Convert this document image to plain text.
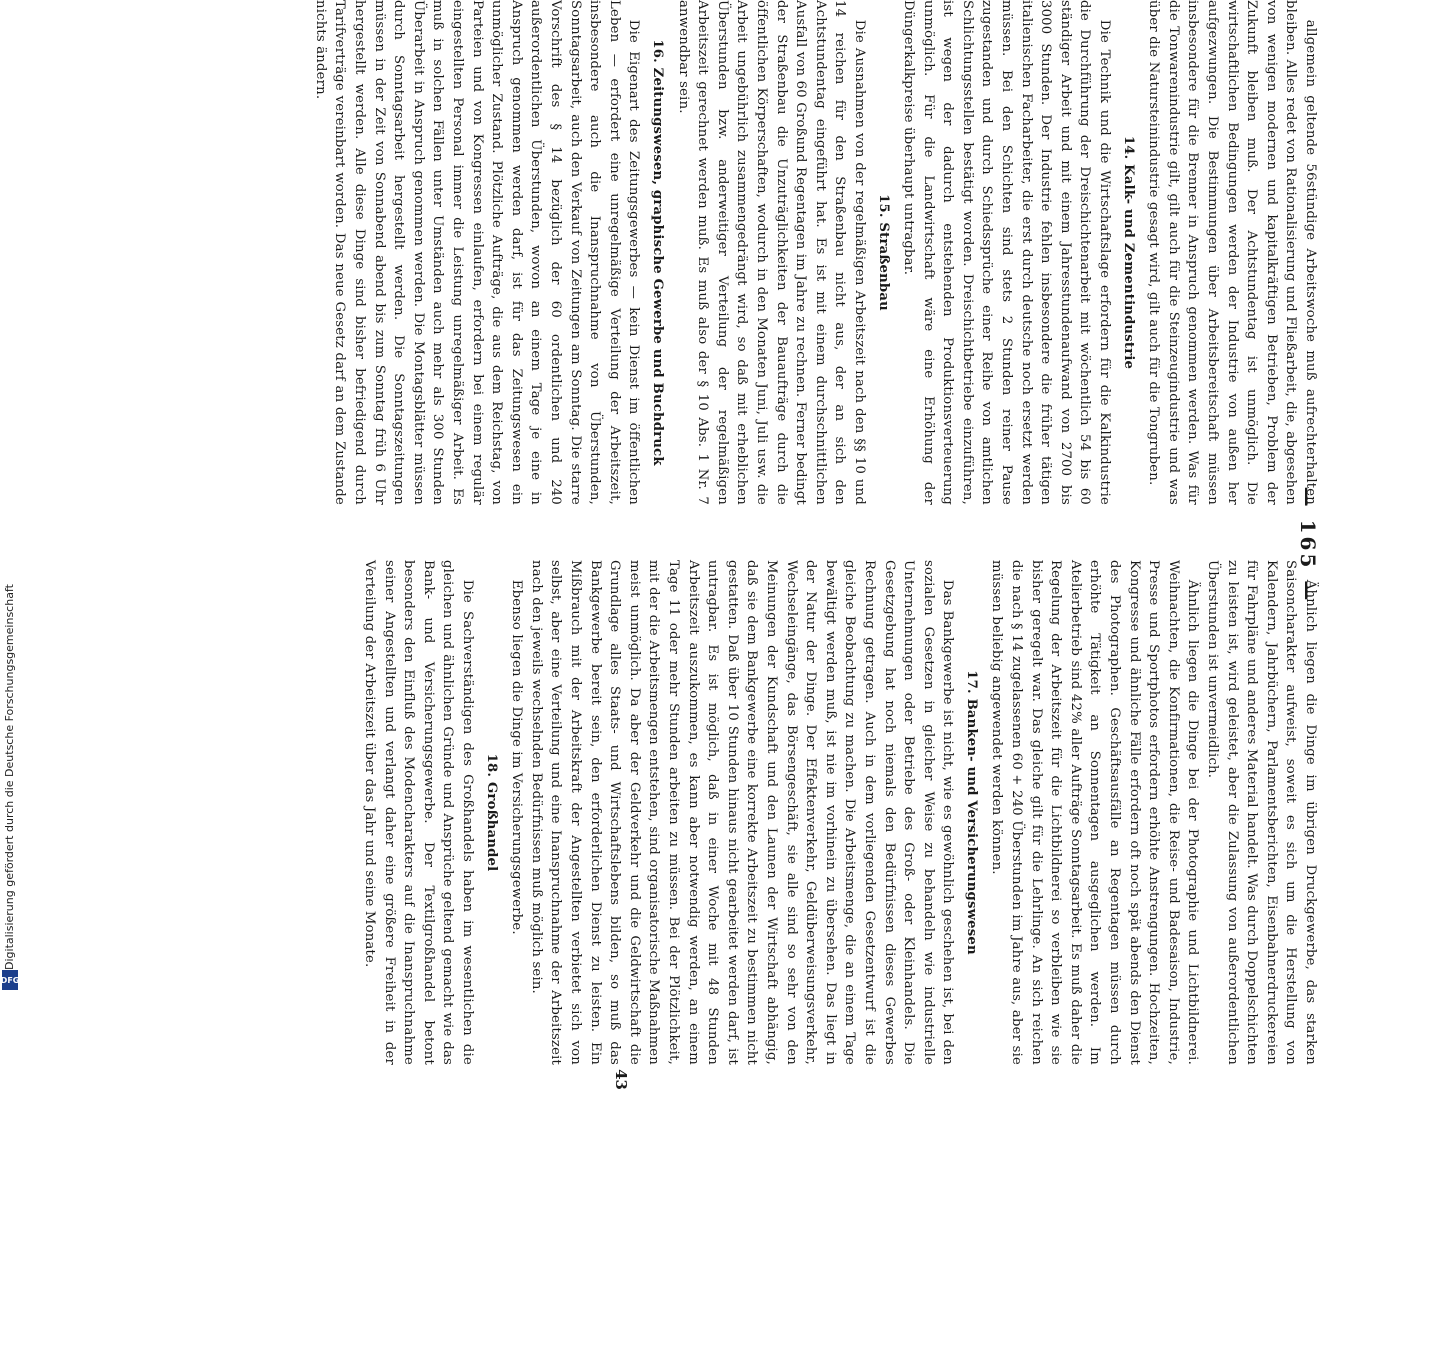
— 165 —

allgemein geltende 56stündige Arbeitswoche muß aufrechterhalten bleiben. Alles redet von Rationalisierung und Fließarbeit, die, abgesehen von wenigen modernen und kapitalkräftigen Betrieben, Problem der Zukunft bleiben muß. Der Achtstundentag ist unmöglich. Die wirtschaftlichen Bedingungen werden der Industrie von außen her aufgezwungen. Die Bestimmungen über Arbeitsbereitschaft müssen insbesondere für die Brenner in Anspruch genommen werden. Was für die Tonwarenindustrie gilt, gilt auch für die Steinzeugindustrie und was über die Natursteinindustrie gesagt wird, gilt auch für die Tongruben.

14. Kalk- und Zementindustrie

Die Technik und die Wirtschaftslage erfordern für die Kalkindustrie die Durchführung der Dreischichtenarbeit mit wöchentlich 54 bis 60 ständiger Arbeit und mit einem Jahresstundenaufwand von 2700 bis 3000 Stunden. Der Industrie fehlen insbesondere die früher tätigen italienischen Facharbeiter, die erst durch deutsche noch ersetzt werden müssen. Bei den Schichten sind stets 2 Stunden reiner Pause zugestanden und durch Schiedssprüche einer Reihe von amtlichen Schlichtungsstellen bestätigt worden. Dreischichtbetriebe einzuführen, ist wegen der dadurch entstehenden Produktionsverteuerung unmöglich. Für die Landwirtschaft wäre eine Erhöhung der Düngerkalkpreise überhaupt untragbar.

15. Straßenbau

Die Ausnahmen von der regelmäßigen Arbeitszeit nach den §§ 10 und 14 reichen für den Straßenbau nicht aus, der an sich den Achtstundentag eingeführt hat. Es ist mit einem durchschnittlichen Ausfall von 60 Großund Regentagen im Jahre zu rechnen. Ferner bedingt der Straßenbau die Unzuträglichkeiten der Bauaufträge durch die öffentlichen Körperschaften, wodurch in den Monaten Juni, Juli usw. die Arbeit ungebührlich zusammengedrängt wird, so daß mit erheblichen Überstunden bzw. anderweitiger Verteilung der regelmäßigen Arbeitszeit gerechnet werden muß. Es muß also der § 10 Abs. 1 Nr. 7 anwendbar sein.

16. Zeitungswesen, graphische Gewerbe und Buchdruck

Die Eigenart des Zeitungsgewerbes — kein Dienst im öffentlichen Leben — erfordert eine unregelmäßige Verteilung der Arbeitszeit, insbesondere auch die Inanspruchnahme von Überstunden, Sonntagsarbeit, auch den Verkauf von Zeitungen am Sonntag. Die starre Vorschrift des § 14 bezüglich der 60 ordentlichen und 240 außerordentlichen Überstunden, wovon an einem Tage je eine in Anspruch genommen werden darf, ist für das Zeitungswesen ein unmöglicher Zustand. Plötzliche Aufträge, die aus dem Reichstag, von Parteien und von Kongressen einlaufen, erfordern bei einem regulär eingestellten Personal immer die Leistung unregelmäßiger Arbeit. Es muß in solchen Fällen unter Umständen auch mehr als 300 Stunden Überarbeit in Anspruch genommen werden. Die Montagsblätter müssen durch Sonntagsarbeit hergestellt werden. Die Sonntagszeitungen müssen in der Zeit von Sonnabend abend bis zum Sonntag früh 6 Uhr hergestellt werden. Alle diese Dinge sind bisher befriedigend durch Tarifverträge vereinbart worden. Das neue Gesetz darf an dem Zustande nichts ändern.

Ähnlich liegen die Dinge im übrigen Druckgewerbe, das starken Saisoncharakter aufweist, soweit es sich um die Herstellung von Kalendern, Jahrbüchern, Parlamentsberichten, Eisenbahnerdruckereien für Fahrpläne und anderes Material handelt. Was durch Doppelschichten zu leisten ist, wird geleistet, aber die Zulassung von außerordentlichen Überstunden ist unvermeidlich.

Ähnlich liegen die Dinge bei der Photographie und Lichtbildnerei. Weihnachten, die Konfirmationen, die Reise- und Badesaison, Industrie, Presse und Sportphotos erfordern erhöhte Anstrengungen. Hochzeiten, Kongresse und ähnliche Fälle erfordern oft noch spät abends den Dienst des Photographen. Geschäftsausfälle an Regentagen müssen durch erhöhte Tätigkeit an Sonnentagen ausgeglichen werden. Im Atelierbetrieb sind 42% aller Aufträge Sonntagsarbeit. Es muß daher die Regelung der Arbeitszeit für die Lichtbildnerei so verbleiben wie sie bisher geregelt war. Das gleiche gilt für die Lehrlinge. An sich reichen die nach § 14 zugelassenen 60 + 240 Überstunden im Jahre aus, aber sie müssen beliebig angewendet werden können.

17. Banken- und Versicherungswesen

Das Bankgewerbe ist nicht, wie es gewöhnlich geschehen ist, bei den sozialen Gesetzen in gleicher Weise zu behandeln wie industrielle Unternehmungen oder Betriebe des Groß- oder Kleinhandels. Die Gesetzgebung hat noch niemals den Bedürfnissen dieses Gewerbes Rechnung getragen. Auch in dem vorliegenden Gesetzentwurf ist die gleiche Beobachtung zu machen. Die Arbeitsmenge, die an einem Tage bewältigt werden muß, ist nie im vorhinein zu übersehen. Das liegt in der Natur der Dinge. Der Effektenverkehr, Geldüberweisungsverkehr, Wechseleingänge, das Börsengeschäft, sie alle sind so sehr von den Meinungen der Kundschaft und den Launen der Wirtschaft abhängig, daß sie dem Bankgewerbe eine korrekte Arbeitszeit zu bestimmen nicht gestatten. Daß über 10 Stunden hinaus nicht gearbeitet werden darf, ist untragbar. Es ist möglich, daß in einer Woche mit 48 Stunden Arbeitszeit auszukommen, es kann aber notwendig werden, an einem Tage 11 oder mehr Stunden arbeiten zu müssen. Bei der Plötzlichkeit, mit der die Arbeitsmengen entstehen, sind organisatorische Maßnahmen meist unmöglich. Da aber der Geldverkehr und die Geldwirtschaft die Grundlage alles Staats- und Wirtschaftslebens bilden, so muß das Bankgewerbe bereit sein, den erforderlichen Dienst zu leisten. Ein Mißbrauch mit der Arbeitskraft der Angestellten verbietet sich von selbst, aber eine Verteilung und eine Inanspruchnahme der Arbeitszeit nach den jeweils wechselnden Bedürfnissen muß möglich sein.

Ebenso liegen die Dinge im Versicherungsgewerbe.

18. Großhandel

Die Sachverständigen des Großhandels haben im wesentlichen die gleichen und ähnlichen Gründe und Ansprüche geltend gemacht wie das Bank- und Versicherungsgewerbe. Der Textilgroßhandel betont besonders den Einfluß des Modencharakters auf die Inanspruchnahme seiner Angestellten und verlangt daher eine größere Freiheit in der Verteilung der Arbeitszeit über das Jahr und seine Monate.

43
Digitalisierung gefördert durch die Deutsche Forschungsgemeinschaft
DFG
